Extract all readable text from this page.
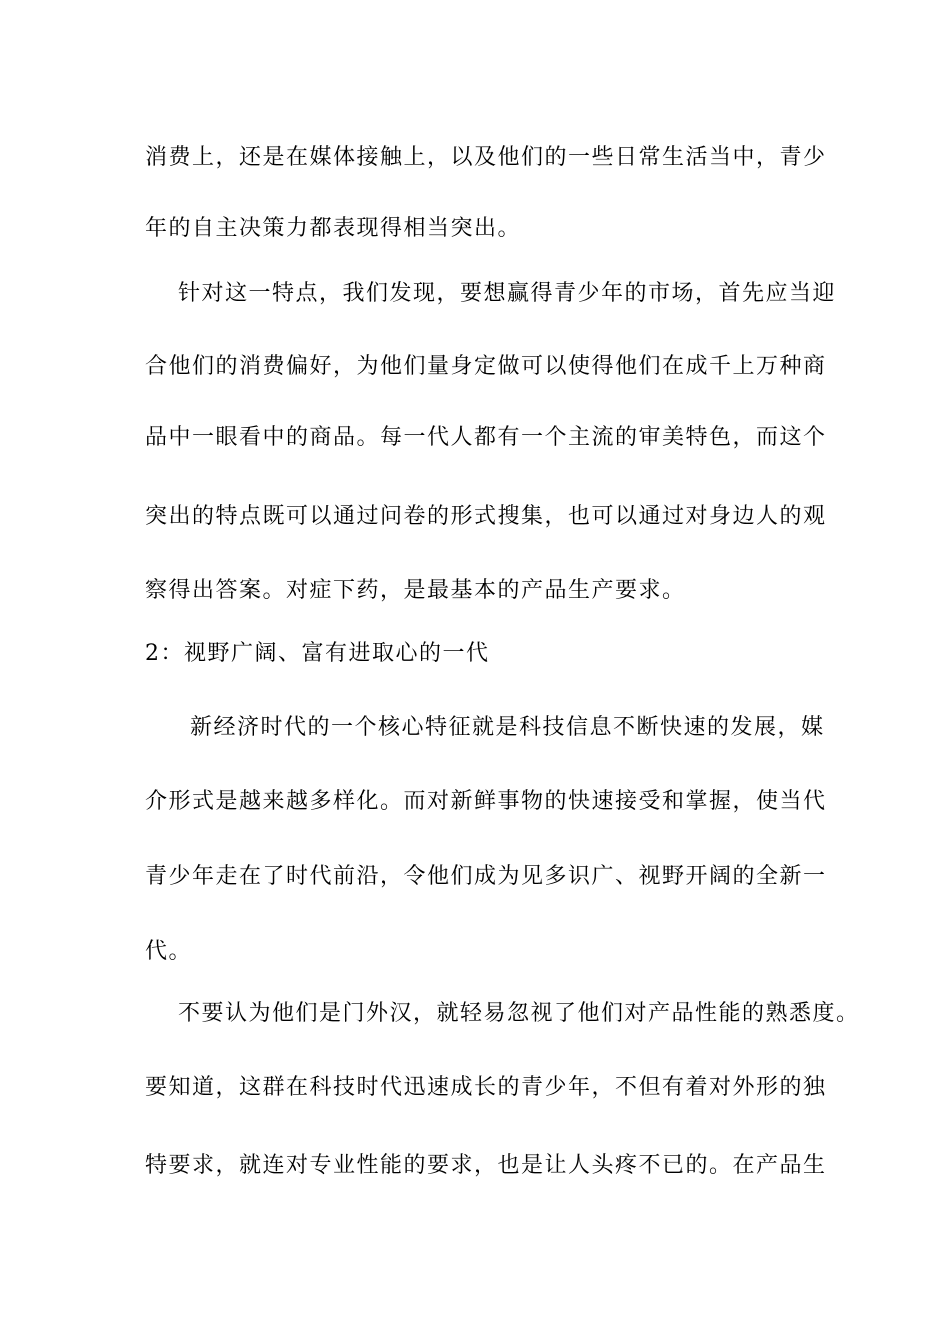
消费上，还是在媒体接触上，以及他们的一些日常生活当中，青少
年的自主决策力都表现得相当突出。
针对这一特点，我们发现，要想赢得青少年的市场，首先应当迎
合他们的消费偏好，为他们量身定做可以使得他们在成千上万种商
品中一眼看中的商品。每一代人都有一个主流的审美特色，而这个
突出的特点既可以通过问卷的形式搜集，也可以通过对身边人的观
察得出答案。对症下药，是最基本的产品生产要求。
2：视野广阔、富有进取心的一代
新经济时代的一个核心特征就是科技信息不断快速的发展，媒
介形式是越来越多样化。而对新鲜事物的快速接受和掌握，使当代
青少年走在了时代前沿，令他们成为见多识广、视野开阔的全新一
代。
不要认为他们是门外汉，就轻易忽视了他们对产品性能的熟悉度。
要知道，这群在科技时代迅速成长的青少年，不但有着对外形的独
特要求，就连对专业性能的要求，也是让人头疼不已的。在产品生
